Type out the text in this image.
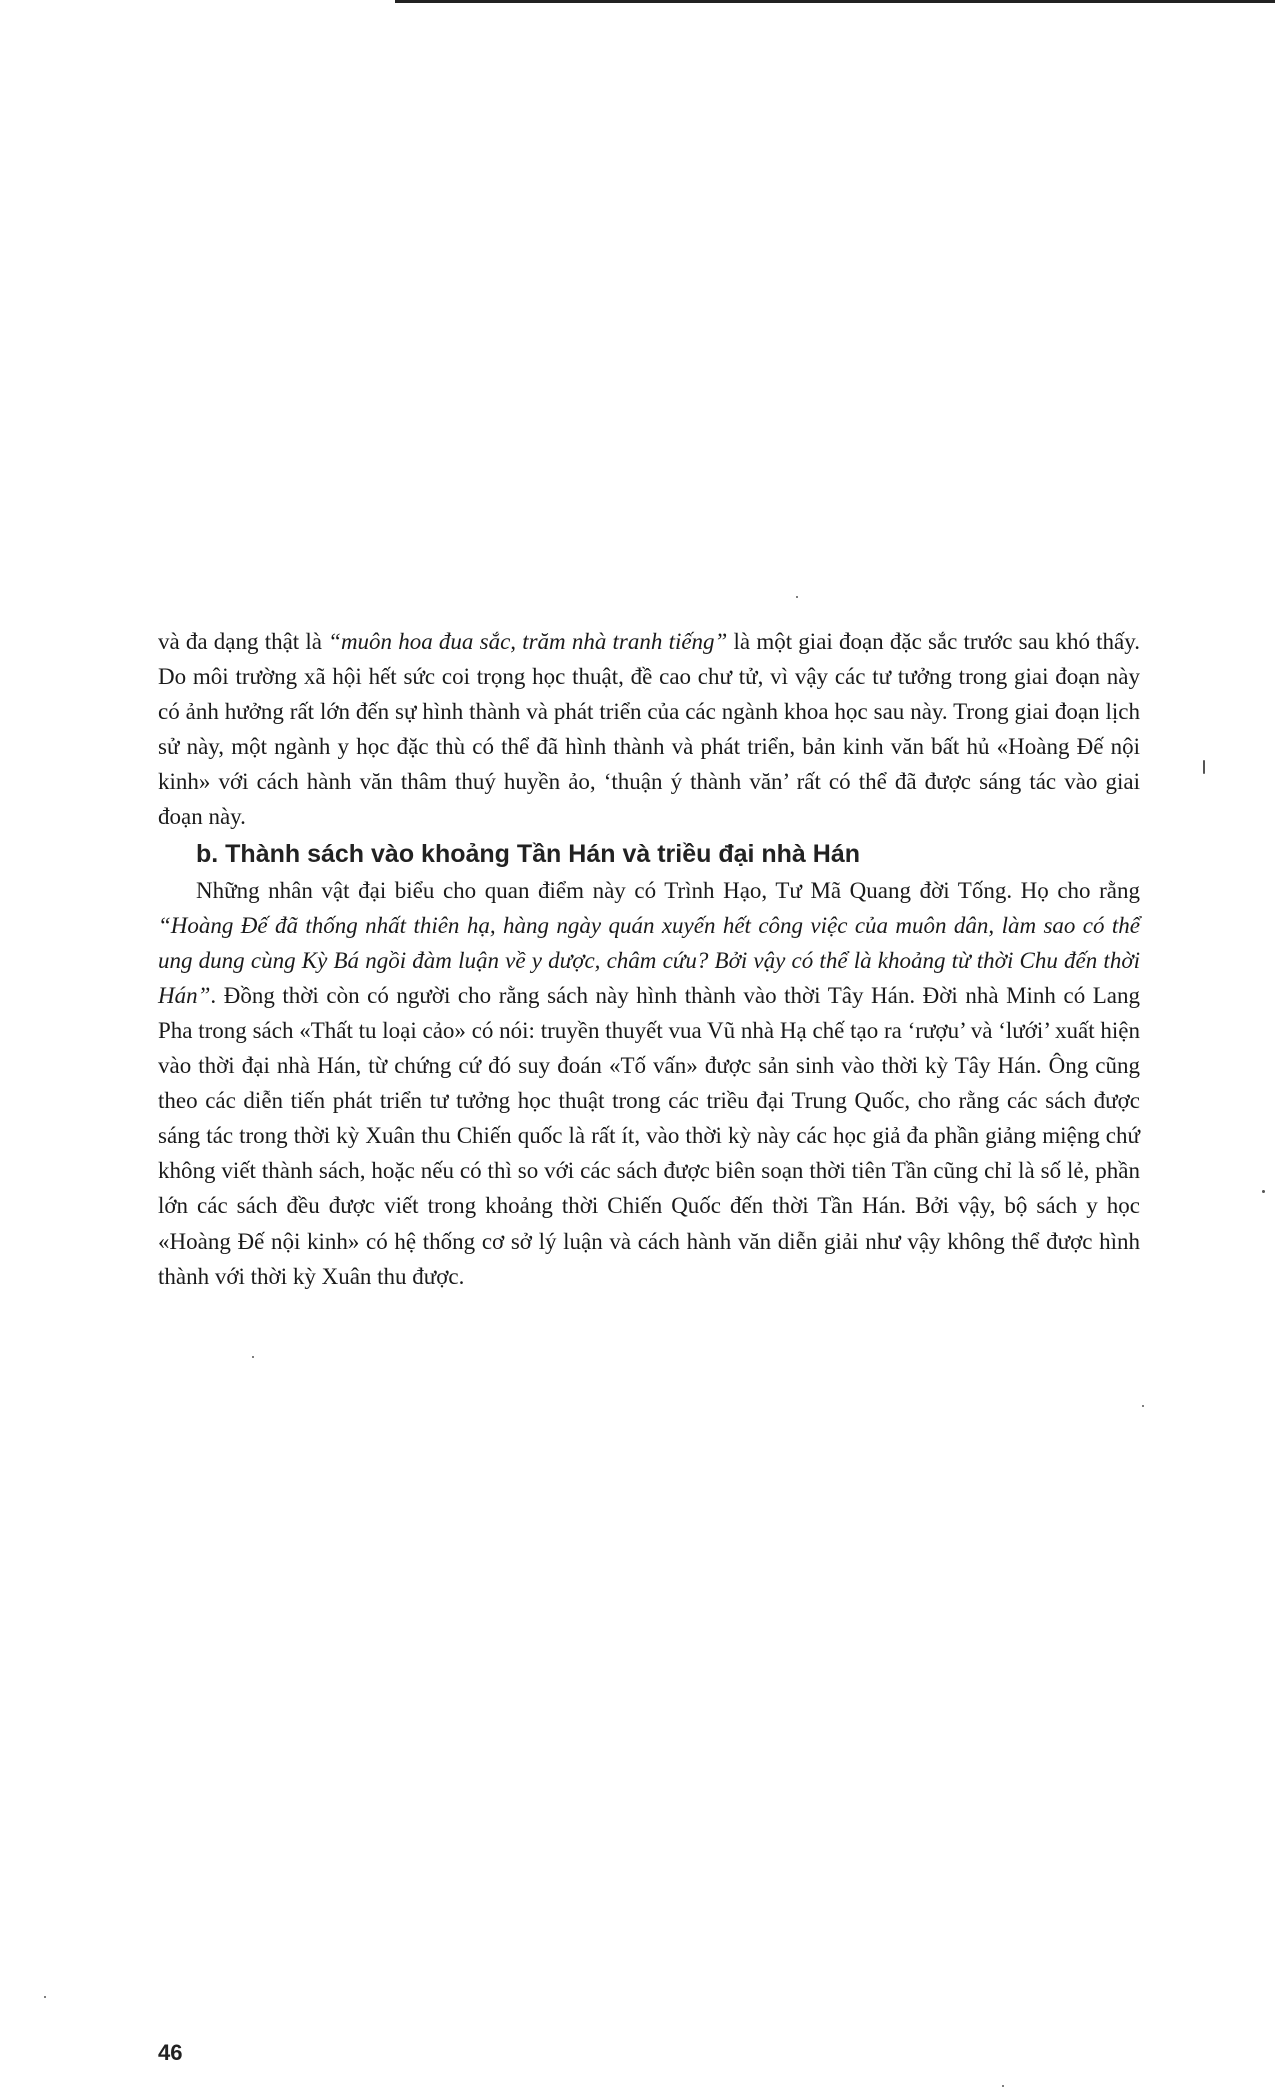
và đa dạng thật là “muôn hoa đua sắc, trăm nhà tranh tiếng” là một giai đoạn đặc sắc trước sau khó thấy. Do môi trường xã hội hết sức coi trọng học thuật, đề cao chư tử, vì vậy các tư tưởng trong giai đoạn này có ảnh hưởng rất lớn đến sự hình thành và phát triển của các ngành khoa học sau này. Trong giai đoạn lịch sử này, một ngành y học đặc thù có thể đã hình thành và phát triển, bản kinh văn bất hủ «Hoàng Đế nội kinh» với cách hành văn thâm thuý huyền ảo, ‘thuận ý thành văn’ rất có thể đã được sáng tác vào giai đoạn này.

b. Thành sách vào khoảng Tần Hán và triều đại nhà Hán

Những nhân vật đại biểu cho quan điểm này có Trình Hạo, Tư Mã Quang đời Tống. Họ cho rằng “Hoàng Đế đã thống nhất thiên hạ, hàng ngày quán xuyến hết công việc của muôn dân, làm sao có thể ung dung cùng Kỳ Bá ngồi đàm luận về y dược, châm cứu? Bởi vậy có thể là khoảng từ thời Chu đến thời Hán”. Đồng thời còn có người cho rằng sách này hình thành vào thời Tây Hán. Đời nhà Minh có Lang Pha trong sách «Thất tu loại cảo» có nói: truyền thuyết vua Vũ nhà Hạ chế tạo ra ‘rượu’ và ‘lưới’ xuất hiện vào thời đại nhà Hán, từ chứng cứ đó suy đoán «Tố vấn» được sản sinh vào thời kỳ Tây Hán. Ông cũng theo các diễn tiến phát triển tư tưởng học thuật trong các triều đại Trung Quốc, cho rằng các sách được sáng tác trong thời kỳ Xuân thu Chiến quốc là rất ít, vào thời kỳ này các học giả đa phần giảng miệng chứ không viết thành sách, hoặc nếu có thì so với các sách được biên soạn thời tiên Tần cũng chỉ là số lẻ, phần lớn các sách đều được viết trong khoảng thời Chiến Quốc đến thời Tần Hán. Bởi vậy, bộ sách y học «Hoàng Đế nội kinh» có hệ thống cơ sở lý luận và cách hành văn diễn giải như vậy không thể được hình thành với thời kỳ Xuân thu được.

46
